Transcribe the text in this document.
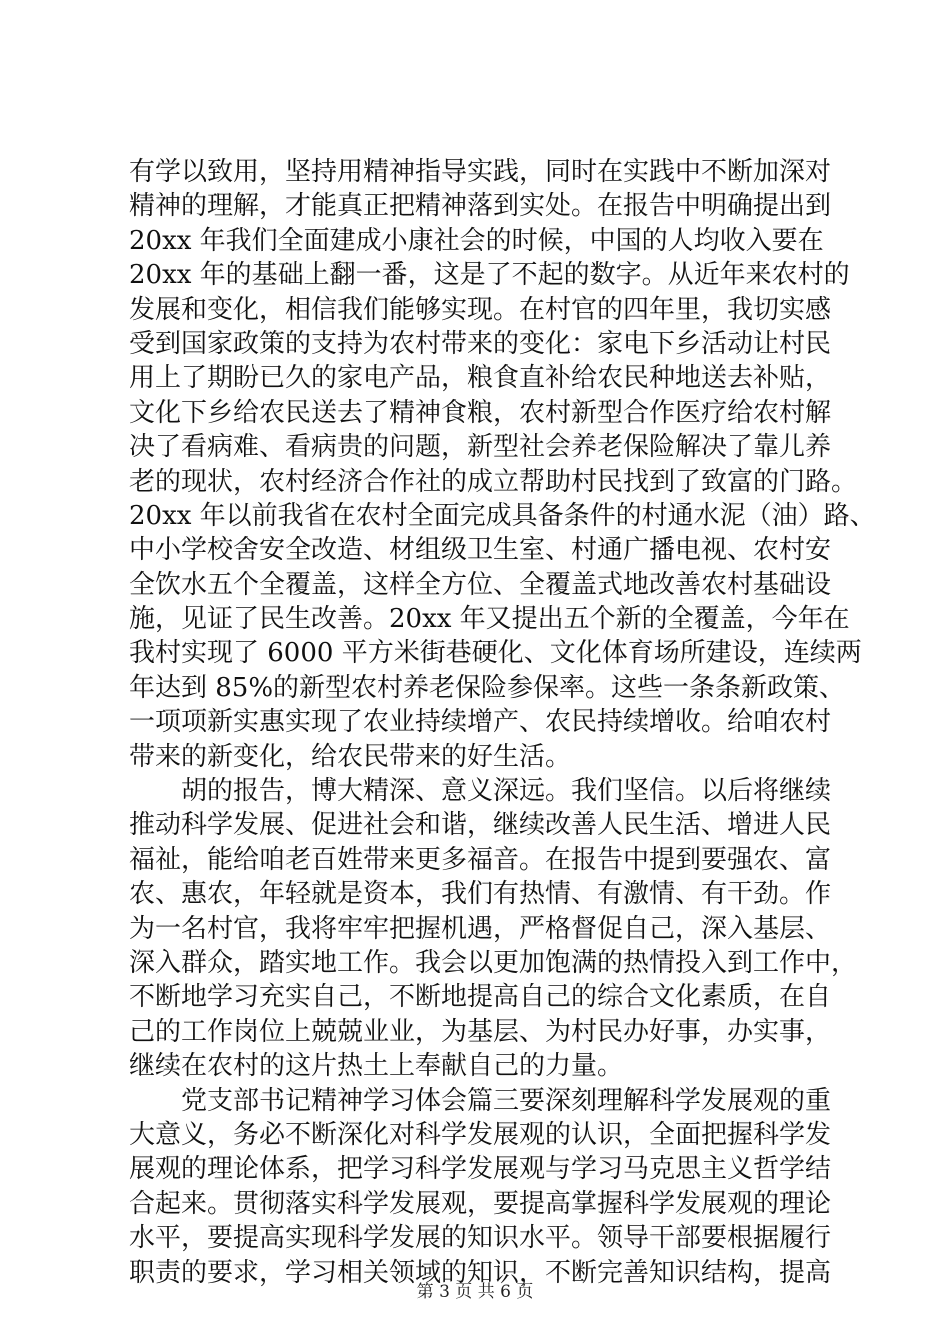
有学以致用，坚持用精神指导实践，同时在实践中不断加深对
精神的理解，才能真正把精神落到实处。在报告中明确提出到
20xx 年我们全面建成小康社会的时候，中国的人均收入要在
20xx 年的基础上翻一番，这是了不起的数字。从近年来农村的
发展和变化，相信我们能够实现。在村官的四年里，我切实感
受到国家政策的支持为农村带来的变化：家电下乡活动让村民
用上了期盼已久的家电产品，粮食直补给农民种地送去补贴，
文化下乡给农民送去了精神食粮，农村新型合作医疗给农村解
决了看病难、看病贵的问题，新型社会养老保险解决了靠儿养
老的现状，农村经济合作社的成立帮助村民找到了致富的门路。
20xx 年以前我省在农村全面完成具备条件的村通水泥（油）路、
中小学校舍安全改造、材组级卫生室、村通广播电视、农村安
全饮水五个全覆盖，这样全方位、全覆盖式地改善农村基础设
施，见证了民生改善。20xx 年又提出五个新的全覆盖，今年在
我村实现了 6000 平方米街巷硬化、文化体育场所建设，连续两
年达到 85%的新型农村养老保险参保率。这些一条条新政策、
一项项新实惠实现了农业持续增产、农民持续增收。给咱农村
带来的新变化，给农民带来的好生活。
胡的报告，博大精深、意义深远。我们坚信。以后将继续
推动科学发展、促进社会和谐，继续改善人民生活、增进人民
福祉，能给咱老百姓带来更多福音。在报告中提到要强农、富
农、惠农，年轻就是资本，我们有热情、有激情、有干劲。作
为一名村官，我将牢牢把握机遇，严格督促自己，深入基层、
深入群众，踏实地工作。我会以更加饱满的热情投入到工作中，
不断地学习充实自己，不断地提高自己的综合文化素质，在自
己的工作岗位上兢兢业业，为基层、为村民办好事，办实事，
继续在农村的这片热土上奉献自己的力量。
党支部书记精神学习体会篇三要深刻理解科学发展观的重
大意义，务必不断深化对科学发展观的认识，全面把握科学发
展观的理论体系，把学习科学发展观与学习马克思主义哲学结
合起来。贯彻落实科学发展观，要提高掌握科学发展观的理论
水平，要提高实现科学发展的知识水平。领导干部要根据履行
职责的要求，学习相关领域的知识，不断完善知识结构，提高
第 3 页 共 6 页
